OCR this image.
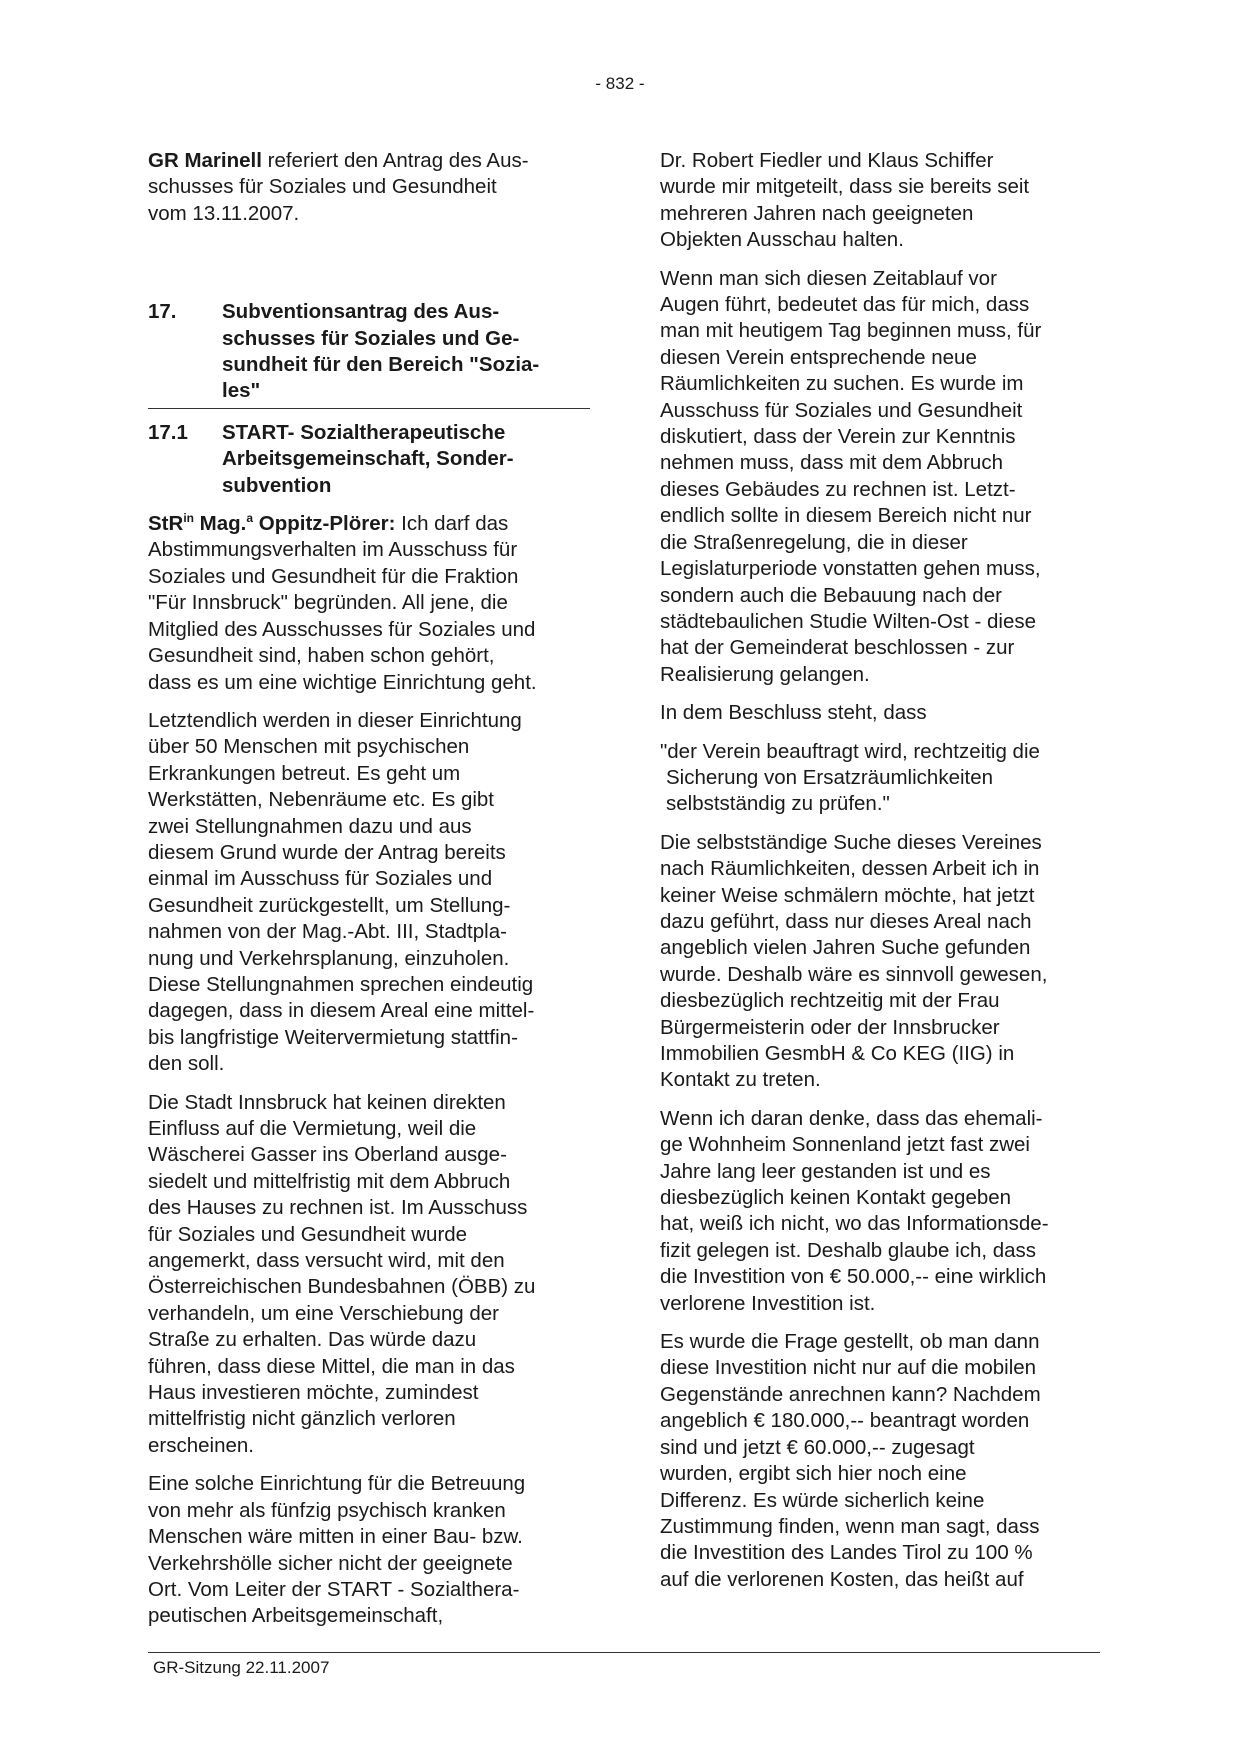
- 832 -

GR Marinell referiert den Antrag des Aus-
schusses für Soziales und Gesundheit
vom 13.11.2007.

17.	Subventionsantrag des Aus-
schusses für Soziales und Ge-
sundheit für den Bereich "Sozia-
les"
17.1	START- Sozialtherapeutische
Arbeitsgemeinschaft, Sonder-
subvention

StR$^{in}$ Mag.$^a$ Oppitz-Plörer: Ich darf das
Abstimmungsverhalten im Ausschuss für
Soziales und Gesundheit für die Fraktion
"Für Innsbruck" begründen. All jene, die
Mitglied des Ausschusses für Soziales und
Gesundheit sind, haben schon gehört,
dass es um eine wichtige Einrichtung geht.

Letztendlich werden in dieser Einrichtung
über 50 Menschen mit psychischen
Erkrankungen betreut. Es geht um
Werkstätten, Nebenräume etc. Es gibt
zwei Stellungnahmen dazu und aus
diesem Grund wurde der Antrag bereits
einmal im Ausschuss für Soziales und
Gesundheit zurückgestellt, um Stellung-
nahmen von der Mag.-Abt. III, Stadtpla-
nung und Verkehrsplanung, einzuholen.
Diese Stellungnahmen sprechen eindeutig
dagegen, dass in diesem Areal eine mittel-
bis langfristige Weitervermietung stattfin-
den soll.

Die Stadt Innsbruck hat keinen direkten
Einfluss auf die Vermietung, weil die
Wäscherei Gasser ins Oberland ausge-
siedelt und mittelfristig mit dem Abbruch
des Hauses zu rechnen ist. Im Ausschuss
für Soziales und Gesundheit wurde
angemerkt, dass versucht wird, mit den
Österreichischen Bundesbahnen (ÖBB) zu
verhandeln, um eine Verschiebung der
Straße zu erhalten. Das würde dazu
führen, dass diese Mittel, die man in das
Haus investieren möchte, zumindest
mittelfristig nicht gänzlich verloren
erscheinen.

Eine solche Einrichtung für die Betreuung
von mehr als fünfzig psychisch kranken
Menschen wäre mitten in einer Bau- bzw.
Verkehrshölle sicher nicht der geeignete
Ort. Vom Leiter der START - Sozialthera-
peutischen Arbeitsgemeinschaft,

Dr. Robert Fiedler und Klaus Schiffer
wurde mir mitgeteilt, dass sie bereits seit
mehreren Jahren nach geeigneten
Objekten Ausschau halten.

Wenn man sich diesen Zeitablauf vor
Augen führt, bedeutet das für mich, dass
man mit heutigem Tag beginnen muss, für
diesen Verein entsprechende neue
Räumlichkeiten zu suchen. Es wurde im
Ausschuss für Soziales und Gesundheit
diskutiert, dass der Verein zur Kenntnis
nehmen muss, dass mit dem Abbruch
dieses Gebäudes zu rechnen ist. Letzt-
endlich sollte in diesem Bereich nicht nur
die Straßenregelung, die in dieser
Legislaturperiode vonstatten gehen muss,
sondern auch die Bebauung nach der
städtebaulichen Studie Wilten-Ost - diese
hat der Gemeinderat beschlossen - zur
Realisierung gelangen.

In dem Beschluss steht, dass

"der Verein beauftragt wird, rechtzeitig die
Sicherung von Ersatzräumlichkeiten
selbstständig zu prüfen."

Die selbstständige Suche dieses Vereines
nach Räumlichkeiten, dessen Arbeit ich in
keiner Weise schmälern möchte, hat jetzt
dazu geführt, dass nur dieses Areal nach
angeblich vielen Jahren Suche gefunden
wurde. Deshalb wäre es sinnvoll gewesen,
diesbezüglich rechtzeitig mit der Frau
Bürgermeisterin oder der Innsbrucker
Immobilien GesmbH & Co KEG (IIG) in
Kontakt zu treten.

Wenn ich daran denke, dass das ehemali-
ge Wohnheim Sonnenland jetzt fast zwei
Jahre lang leer gestanden ist und es
diesbezüglich keinen Kontakt gegeben
hat, weiß ich nicht, wo das Informationsde-
fizit gelegen ist. Deshalb glaube ich, dass
die Investition von € 50.000,-- eine wirklich
verlorene Investition ist.

Es wurde die Frage gestellt, ob man dann
diese Investition nicht nur auf die mobilen
Gegenstände anrechnen kann? Nachdem
angeblich € 180.000,-- beantragt worden
sind und jetzt € 60.000,-- zugesagt
wurden, ergibt sich hier noch eine
Differenz. Es würde sicherlich keine
Zustimmung finden, wenn man sagt, dass
die Investition des Landes Tirol zu 100 %
auf die verlorenen Kosten, das heißt auf

GR-Sitzung 22.11.2007
